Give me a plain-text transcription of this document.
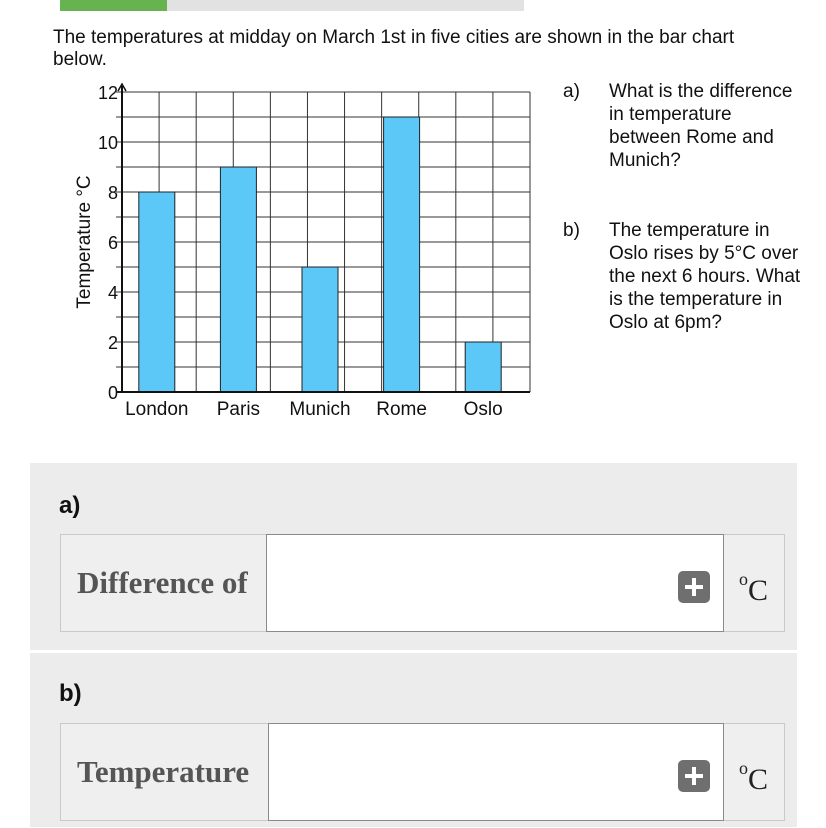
The temperatures at midday on March 1st in five cities are shown in the bar chart below.
0
2
4
6
8
10
12
London Paris Munich Rome Oslo
Temperature °C
a)	What is the difference in temperature between Rome and Munich?
b)	The temperature in Oslo rises by 5°C over the next 6 hours. What is the temperature in Oslo at 6pm?
a)
Difference of	$^o$C
b)
Temperature	$^o$C
